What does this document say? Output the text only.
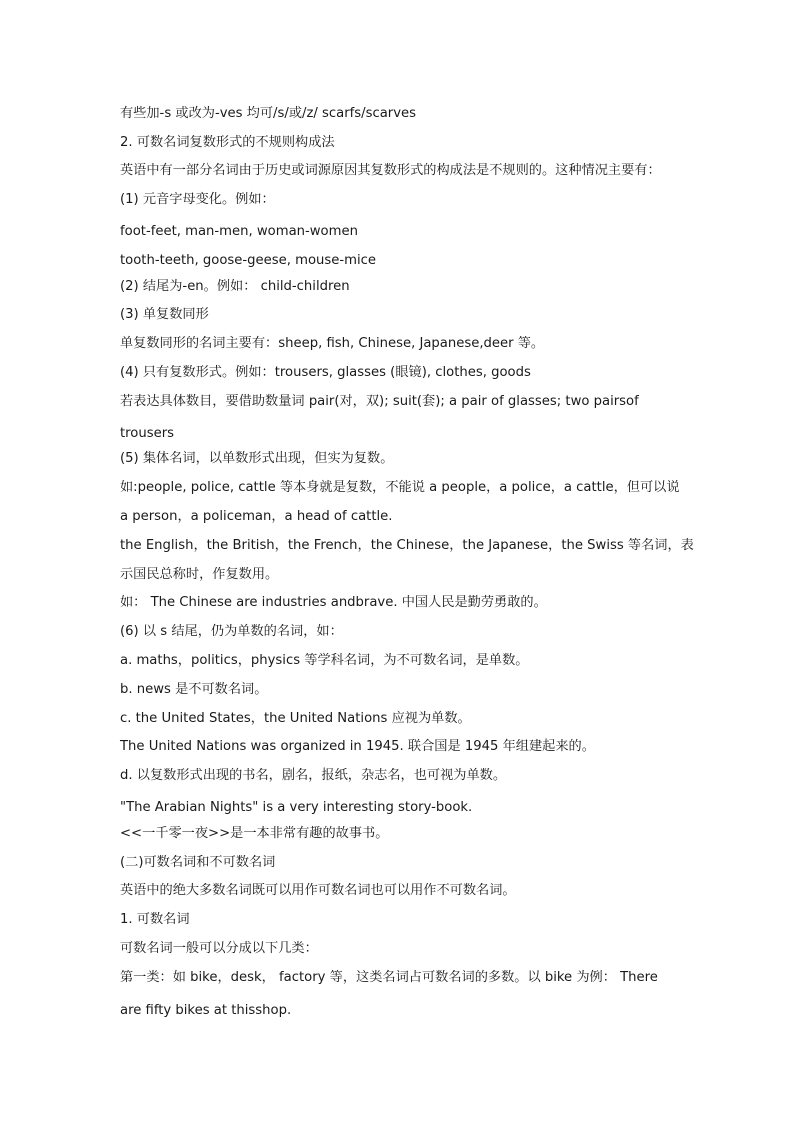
有些加-s 或改为-ves 均可/s/或/z/ scarfs/scarves
2. 可数名词复数形式的不规则构成法
英语中有一部分名词由于历史或词源原因其复数形式的构成法是不规则的。这种情况主要有：
(1) 元音字母变化。例如：
foot-feet, man-men, woman-women
tooth-teeth, goose-geese, mouse-mice
(2) 结尾为-en。例如： child-children
(3) 单复数同形
单复数同形的名词主要有：sheep, fish, Chinese, Japanese,deer 等。
(4) 只有复数形式。例如：trousers, glasses (眼镜), clothes, goods
若表达具体数目，要借助数量词 pair(对，双); suit(套); a pair of glasses; two pairsof
trousers
(5) 集体名词，以单数形式出现，但实为复数。
如:people, police, cattle 等本身就是复数，不能说 a people，a police，a cattle，但可以说
a person，a policeman，a head of cattle.
the English，the British，the French，the Chinese，the Japanese，the Swiss 等名词，表
示国民总称时，作复数用。
如： The Chinese are industries andbrave. 中国人民是勤劳勇敢的。
(6) 以 s 结尾，仍为单数的名词，如：
a. maths，politics，physics 等学科名词，为不可数名词，是单数。
b. news 是不可数名词。
c. the United States，the United Nations 应视为单数。
The United Nations was organized in 1945. 联合国是 1945 年组建起来的。
d. 以复数形式出现的书名，剧名，报纸，杂志名，也可视为单数。
"The Arabian Nights" is a very interesting story-book.
<<一千零一夜>>是一本非常有趣的故事书。
(二)可数名词和不可数名词
英语中的绝大多数名词既可以用作可数名词也可以用作不可数名词。
1. 可数名词
可数名词一般可以分成以下几类：
第一类：如 bike，desk， factory 等，这类名词占可数名词的多数。以 bike 为例： There
are fifty bikes at thisshop.
